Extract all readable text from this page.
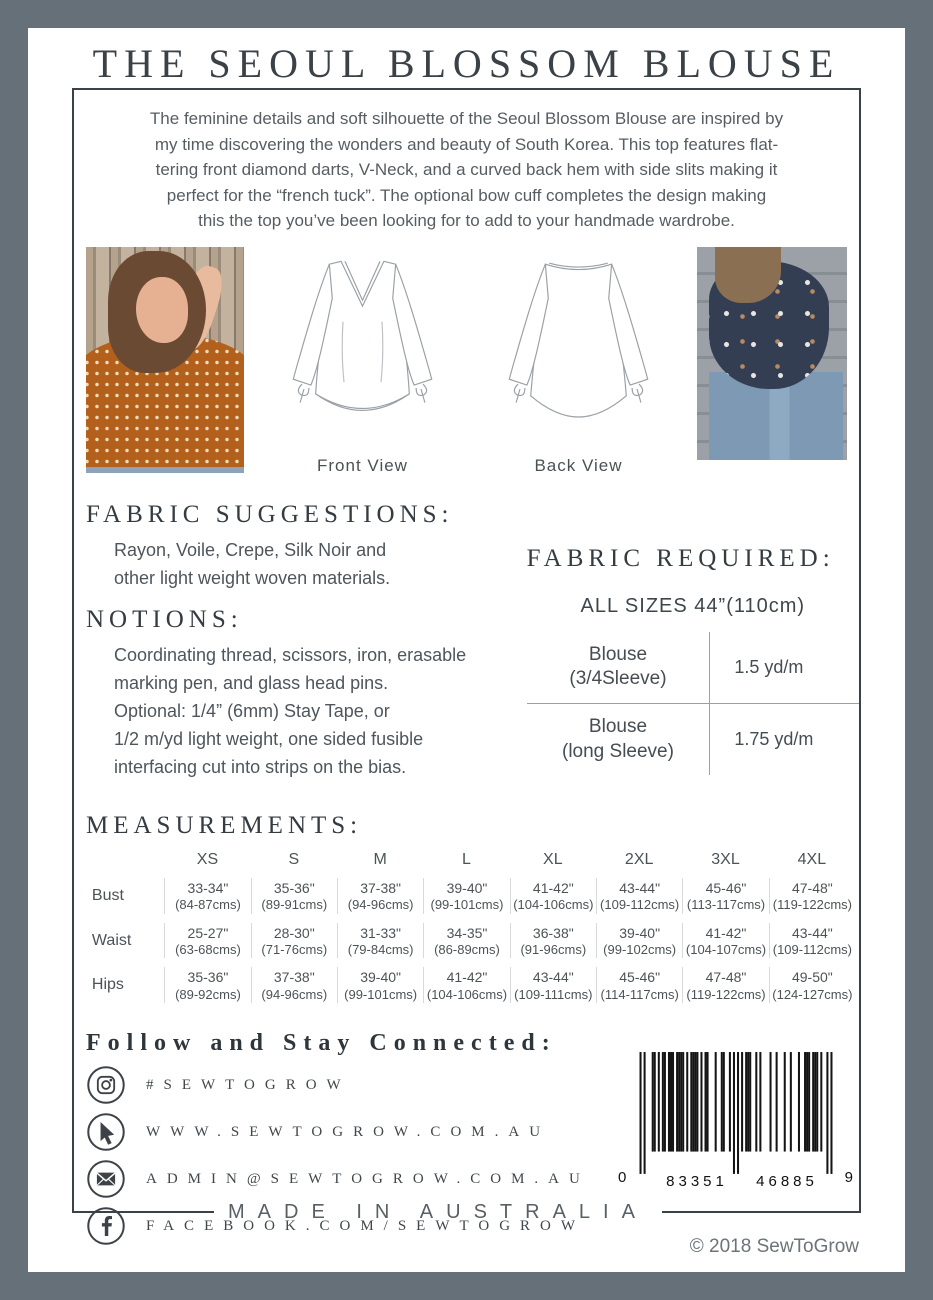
THE SEOUL BLOSSOM BLOUSE
The feminine details and soft silhouette of the Seoul Blossom Blouse are inspired by
my time discovering the wonders and beauty of South Korea. This top features flat-
tering front diamond darts, V-Neck, and a curved back hem with side slits making it
perfect for the “french tuck”. The optional bow cuff completes the design making
this the top you’ve been looking for to add to your handmade wardrobe.
Front View	Back View
FABRIC SUGGESTIONS:
Rayon, Voile, Crepe, Silk Noir and
other light weight woven materials.
NOTIONS:
Coordinating thread, scissors, iron, erasable
marking pen, and glass head pins.
Optional: 1/4” (6mm) Stay Tape, or
1/2 m/yd light weight, one sided fusible
interfacing cut into strips on the bias.
FABRIC REQUIRED:
ALL SIZES 44”(110cm)
Blouse
(3/4Sleeve)	1.5 yd/m

Blouse
(long Sleeve)	1.75 yd/m
MEASUREMENTS:
	XS	S	M	L	XL	2XL	3XL	4XL
Bust	33-34"
(84-87cms)

35-36"
(89-91cms)

37-38"
(94-96cms)

39-40"
(99-101cms)

41-42"
(104-106cms)

43-44"
(109-112cms)

45-46"
(113-117cms)

47-48"
(119-122cms)

Waist	25-27"
(63-68cms)

28-30"
(71-76cms)

31-33"
(79-84cms)

34-35"
(86-89cms)

36-38"
(91-96cms)

39-40"
(99-102cms)

41-42"
(104-107cms)

43-44"
(109-112cms)

Hips	35-36"
(89-92cms)

37-38"
(94-96cms)

39-40"
(99-101cms)

41-42"
(104-106cms)

43-44"
(109-111cms)

45-46"
(114-117cms)

47-48"
(119-122cms)

49-50"
(124-127cms)
Follow and Stay Connected:
#SEWTOGROW
WWW.SEWTOGROW.COM.AU
ADMIN@SEWTOGROW.COM.AU
FACEBOOK.COM/SEWTOGROW
0	83351	46885	9
MADE IN AUSTRALIA
© 2018 SewToGrow
